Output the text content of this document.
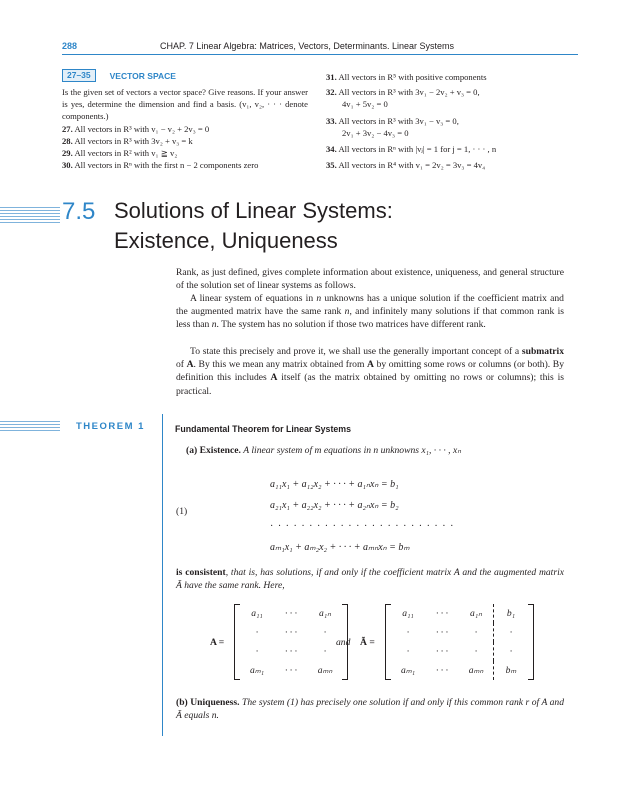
288	CHAP. 7 Linear Algebra: Matrices, Vectors, Determinants. Linear Systems
27–35	VECTOR SPACE
Is the given set of vectors a vector space? Give reasons. If your answer is yes, determine the dimension and find a basis. (v₁, v₂, · · · denote components.)
27. All vectors in R³ with v₁ − v₂ + 2v₃ = 0
28. All vectors in R³ with 3v₂ + v₃ = k
29. All vectors in R² with v₁ ≧ v₂
30. All vectors in Rⁿ with the first n − 2 components zero
31. All vectors in R⁵ with positive components
32. All vectors in R³ with 3v₁ − 2v₂ + v₃ = 0,
4v₁ + 5v₂ = 0
33. All vectors in R³ with 3v₁ − v₃ = 0,
2v₁ + 3v₂ − 4v₃ = 0
34. All vectors in Rⁿ with |vⱼ| = 1 for j = 1, · · · , n
35. All vectors in R⁴ with v₁ = 2v₂ = 3v₃ = 4v₄
7.5 Solutions of Linear Systems:
Existence, Uniqueness
Rank, as just defined, gives complete information about existence, uniqueness, and general structure of the solution set of linear systems as follows.
A linear system of equations in n unknowns has a unique solution if the coefficient matrix and the augmented matrix have the same rank n, and infinitely many solutions if that common rank is less than n. The system has no solution if those two matrices have different rank.
To state this precisely and prove it, we shall use the generally important concept of a submatrix of A. By this we mean any matrix obtained from A by omitting some rows or columns (or both). By definition this includes A itself (as the matrix obtained by omitting no rows or columns); this is practical.
THEOREM 1	Fundamental Theorem for Linear Systems
(a) Existence. A linear system of m equations in n unknowns x₁, · · · , xₙ
(1)
a₁₁x₁ + a₁₂x₂ + · · · + a₁ₙxₙ = b₁
a₂₁x₁ + a₂₂x₂ + · · · + a₂ₙxₙ = b₂
· · · · · · · · · · · · · · · · · · · · · · · ·
aₘ₁x₁ + aₘ₂x₂ + · · · + aₘₙxₙ = bₘ
is consistent, that is, has solutions, if and only if the coefficient matrix A and the augmented matrix Ã have the same rank. Here,
A =
a₁₁	· · ·	a₁ₙ
·	· · ·	·
·	· · ·	·
aₘ₁	· · ·	aₘₙ
and Ã =
a₁₁	· · ·	a₁ₙ	b₁
·	· · ·	·	·
·	· · ·	·	·
aₘ₁	· · ·	aₘₙ	bₘ
(b) Uniqueness. The system (1) has precisely one solution if and only if this common rank r of A and Ã equals n.
